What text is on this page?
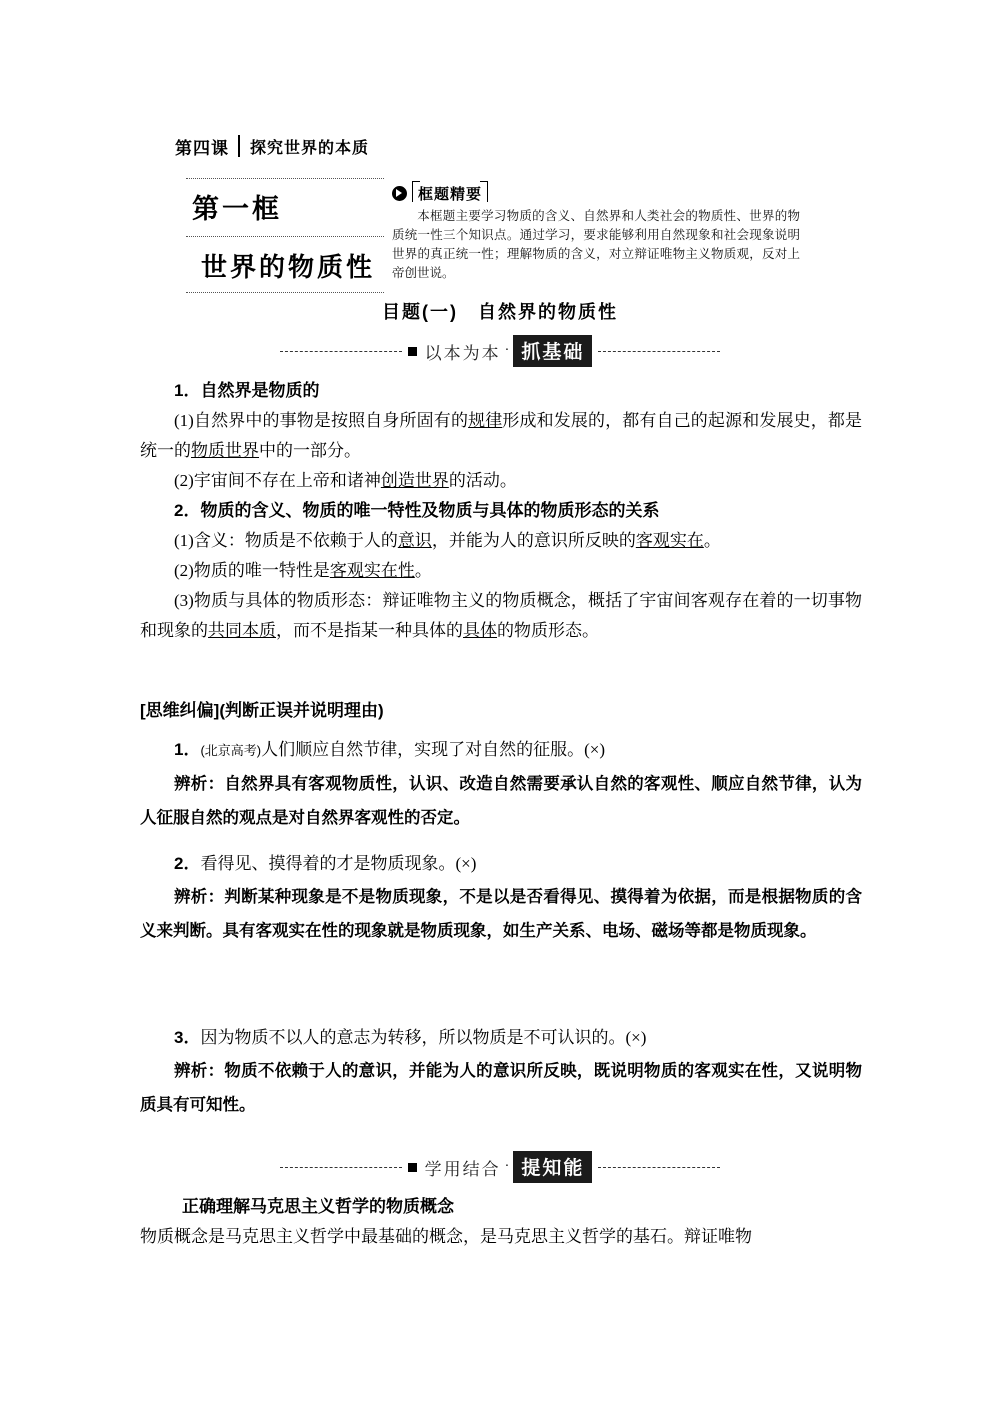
第四课	探究世界的本质
第一框
世界的物质性
框题精要
本框题主要学习物质的含义、自然界和人类社会的物质性、世界的物质统一性三个知识点。通过学习，要求能够利用自然现象和社会现象说明世界的真正统一性；理解物质的含义，对立辩证唯物主义物质观，反对上帝创世说。
目题(一)　自然界的物质性
以本为本 · 抓基础

1．自然界是物质的

(1)自然界中的事物是按照自身所固有的规律形成和发展的，都有自己的起源和发展史，都是统一的物质世界中的一部分。

(2)宇宙间不存在上帝和诸神创造世界的活动。

2．物质的含义、物质的唯一特性及物质与具体的物质形态的关系

(1)含义：物质是不依赖于人的意识，并能为人的意识所反映的客观实在。

(2)物质的唯一特性是客观实在性。

(3)物质与具体的物质形态：辩证唯物主义的物质概念，概括了宇宙间客观存在着的一切事物和现象的共同本质，而不是指某一种具体的具体的物质形态。

[思维纠偏](判断正误并说明理由)

1．(北京高考)人们顺应自然节律，实现了对自然的征服。(×)

辨析：自然界具有客观物质性，认识、改造自然需要承认自然的客观性、顺应自然节律，认为人征服自然的观点是对自然界客观性的否定。

2．看得见、摸得着的才是物质现象。(×)

辨析：判断某种现象是不是物质现象，不是以是否看得见、摸得着为依据，而是根据物质的含义来判断。具有客观实在性的现象就是物质现象，如生产关系、电场、磁场等都是物质现象。

3．因为物质不以人的意志为转移，所以物质是不可认识的。(×)

辨析：物质不依赖于人的意识，并能为人的意识所反映，既说明物质的客观实在性，又说明物质具有可知性。

学用结合 · 提知能

正确理解马克思主义哲学的物质概念

物质概念是马克思主义哲学中最基础的概念，是马克思主义哲学的基石。辩证唯物
